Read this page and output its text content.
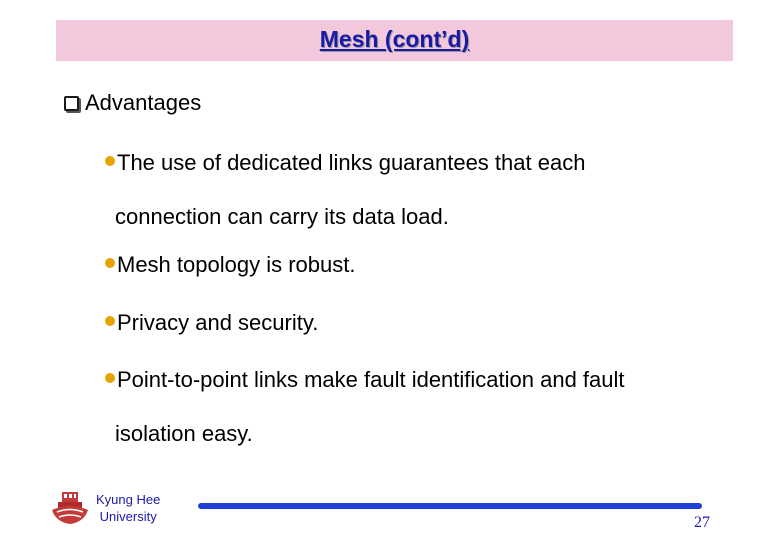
Mesh (cont’d)
Advantages
The use of dedicated links guarantees that each
connection can carry its data load.
Mesh topology is robust.
Privacy and security.
Point-to-point links make fault identification and fault
isolation easy.
Kyung Hee
University	27
